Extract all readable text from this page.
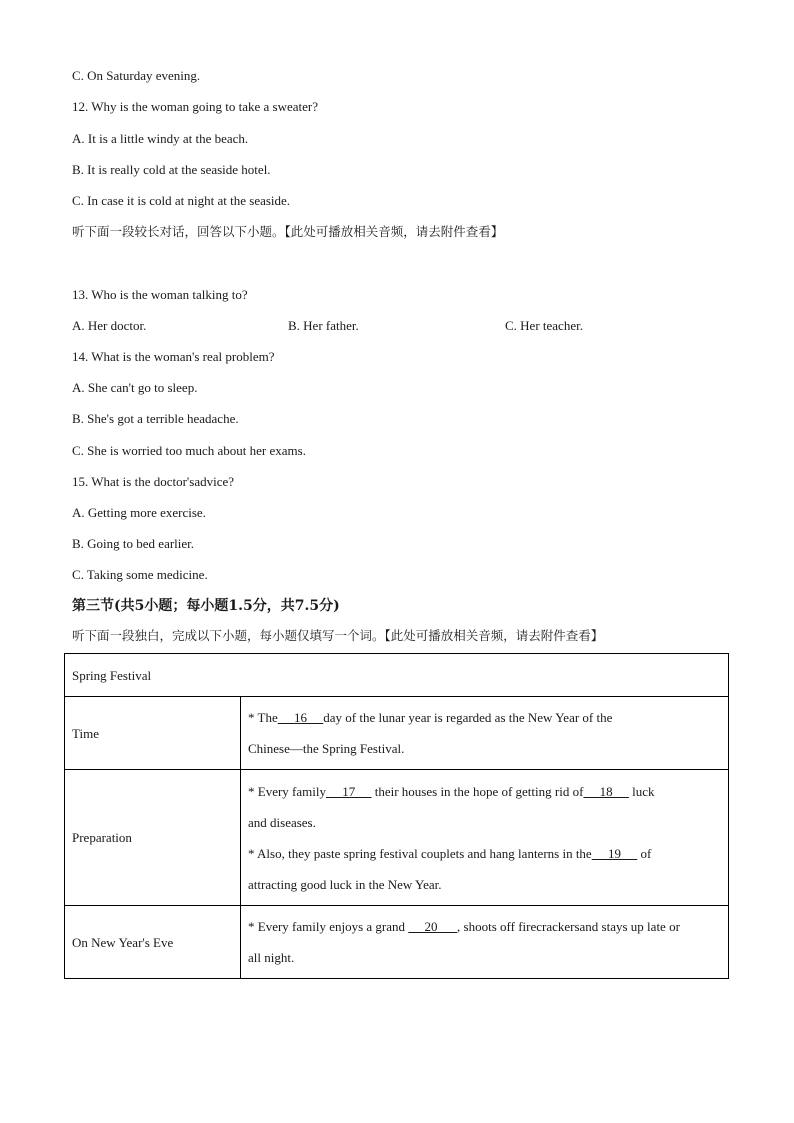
C. On Saturday evening.
12. Why is the woman going to take a sweater?
A. It is a little windy at the beach.
B. It is really cold at the seaside hotel.
C. In case it is cold at night at the seaside.
听下面一段较长对话，回答以下小题。【此处可播放相关音频，请去附件查看】
13. Who is the woman talking to?
A. Her doctor.	B. Her father.	C. Her teacher.
14. What is the woman's real problem?
A. She can't go to sleep.
B. She's got a terrible headache.
C. She is worried too much about her exams.
15. What is the doctor'sadvice?
A. Getting more exercise.
B. Going to bed earlier.
C. Taking some medicine.
第三节(共5小题；每小题1.5分，共7.5分)
听下面一段独白，完成以下小题，每小题仅填写一个词。【此处可播放相关音频，请去附件查看】
Spring Festival	
Time	* The     16     day of the lunar year is regarded as the New Year of the
Chinese—the Spring Festival.

Preparation	* Every family     17      their houses in the hope of getting rid of     18      luck
and diseases.
* Also, they paste spring festival couplets and hang lanterns in the     19      of
attracting good luck in the New Year.

On New Year's Eve	* Every family enjoys a grand      20      , shoots off firecrackersand stays up late or
all night.
